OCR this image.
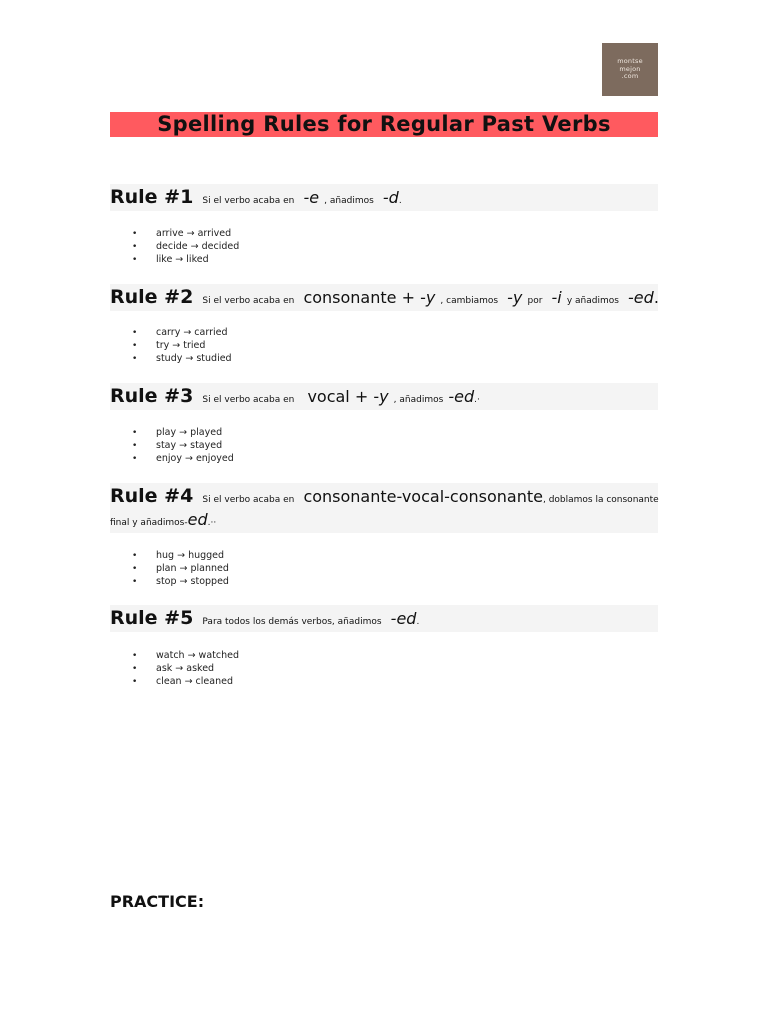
montse
mejon
.com
Spelling Rules for Regular Past Verbs
Rule #1 Si el verbo acaba en -e , añadimos -d.
• arrive → arrived
• decide → decided
• like → liked
Rule #2 Si el verbo acaba en consonante + -y , cambiamos -y por -i y añadimos -ed.
• carry → carried
• try → tried
• study → studied
Rule #3 Si el verbo acaba en vocal + -y , añadimos -ed.·
• play → played
• stay → stayed
• enjoy → enjoyed
Rule #4 Si el verbo acaba en consonante-vocal-consonante, doblamos la consonante
final y añadimos-ed.··
• hug → hugged
• plan → planned
• stop → stopped
Rule #5 Para todos los demás verbos, añadimos -ed.
• watch → watched
• ask → asked
• clean → cleaned
PRACTICE:
